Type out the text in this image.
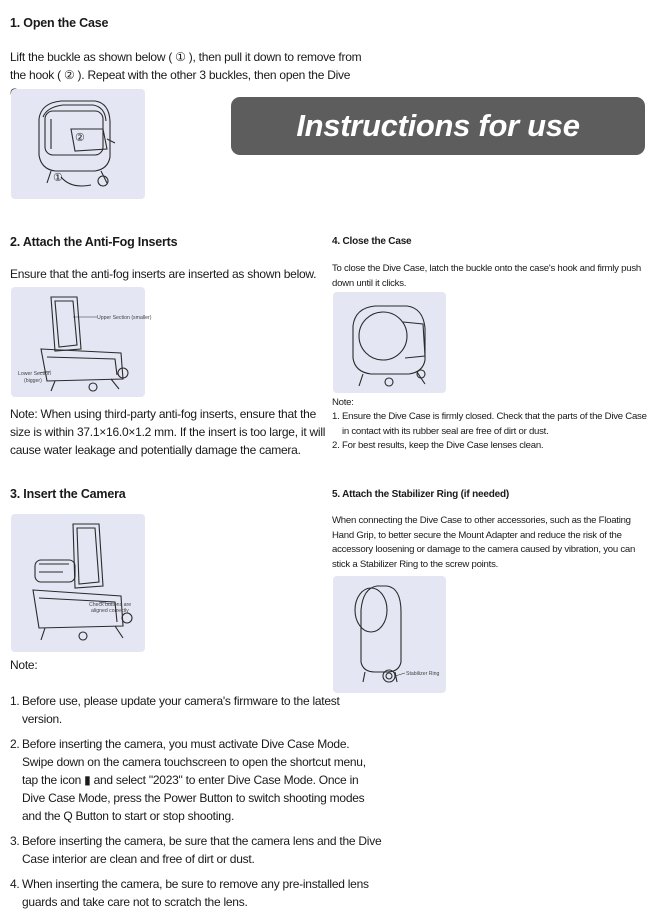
1. Open the Case
Lift the buckle as shown below ( ① ), then pull it down to remove from the hook ( ② ). Repeat with the other 3 buckles, then open the Dive
②
①
Instructions for use
2. Attach the Anti-Fog Inserts
Ensure that the anti-fog inserts are inserted as shown below.
Upper Section (smaller)
Lower Section
(bigger)
Note: When using third-party anti-fog inserts, ensure that the size is within 37.1×16.0×1.2 mm. If the insert is too large, it will cause water leakage and potentially damage the camera.
3. Insert the Camera
Check buttons are
aligned correctly
Note:
1. Before use, please update your camera's firmware to the latest version.
2. Before inserting the camera, you must activate Dive Case Mode. Swipe down on the camera touchscreen to open the shortcut menu, tap the icon ▮ and select "2023" to enter Dive Case Mode. Once in Dive Case Mode, press the Power Button to switch shooting modes and the Q Button to start or stop shooting.
3. Before inserting the camera, be sure that the camera lens and the Dive Case interior are clean and free of dirt or dust.
4. When inserting the camera, be sure to remove any pre-installed lens guards and take care not to scratch the lens.
4. Close the Case
To close the Dive Case, latch the buckle onto the case's hook and firmly push down until it clicks.
Note:
1. Ensure the Dive Case is firmly closed. Check that the parts of the Dive Case in contact with its rubber seal are free of dirt or dust.
2. For best results, keep the Dive Case lenses clean.
5. Attach the Stabilizer Ring (if needed)
When connecting the Dive Case to other accessories, such as the Floating Hand Grip, to better secure the Mount Adapter and reduce the risk of the accessory loosening or damage to the camera caused by vibration, you can stick a Stabilizer Ring to the screw points.
Stabilizer Ring
